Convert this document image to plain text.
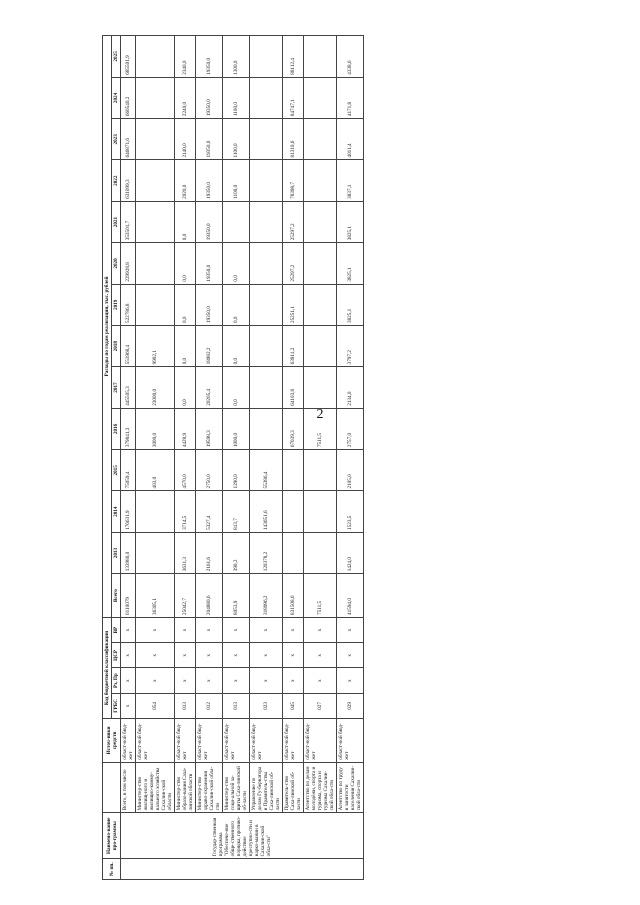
2
№ пп.	Наимено-вание про-граммы		Источ-ники средств	Код бюджетной классификации				Расходы по годам реализации, тыс. рублей													
				ГРБС	Рз, Пр	ЦСР	ВР	Всего	2013	2014	2015	2016	2017	2018	2019	2020	2021	2022	2023	2024	2025
	Государ-ственная программа "Обеспече-ние обще-ственного порядка, противо-действие преступно-сти и нарко-мании в Сахалин-ской обла-сти"	Всего, в том числе	област-ной бюд-жет	х	х	х	х	6110079	133980,0	176631,9	75059,4	379841,3	445505,3	551968,4	522786,8	229928,8	353501,7	631099,3	646871,6	660540,2	685501,9
		Министер-ство жилищ-ного и жилищно-комму-нального хозяйства Сахалин-ской области	област-ной бюд-жет	054	х	х	х	36305,1			403,0	3000,0	23000,0	9902,1							
		Министер-ство образо-вания Саха-линской области	област-ной бюд-жет	013	х	х	х	25042,7	3631,3	3714,5	4570,0	4428,9	0,0	0,0	0,0	0,0	0,0	2020,0	2140,0	2240,0	2340,0
		Министер-ство здраво-охранения Сахалин-ской обла-сти	област-ной бюд-жет	012	х	х	х	204880,6	2161,6	5327,4	2750,0	19598,3	20205,4	18982,2	19350,0	19350,0	19350,0	19350,0	19350,0	19350,0	19350,0
		Министер-ство соци-альной за-щиты Саха-линской об-ласти	област-ной бюд-жет	013	х	х	х	8053,9	390,2	813,7	1290,0	1000,0	0,0	0,0	0,0	0,0		1100,0	1100,0	1100,0	1300,0
		Управление по делам Гу-бернатора и Правитель-ства Саха-линской об-ласти	област-ной бюд-жет	023	х	х	х	318996,2	120378,2	143651,6	55386,4										
		Правитель-ство Саха-линской об-ласти	област-ной бюд-жет	045	х	х	х	831508,6				67039,3	64103,8	63911,2	25251,1	25297,2	25297,2	78398,7	81310,6	84747,1	88112,4
		Агентство по делам молодёжи, спорта и туризма, спорта и туризма Сахалин-ской обла-сти	област-ной бюд-жет	027	х	х	х	7511,5				7511,5									
		Агентство по труду и занятости населения Сахалин-ской обла-сти	област-ной бюд-жет	029	х	х	х	41594,0	1424,0	1523,5	2105,0	2757,0	2134,0	3797,2	3825,1	3825,1	3825,1	3837,1	4011,4	4171,8	4338,6
